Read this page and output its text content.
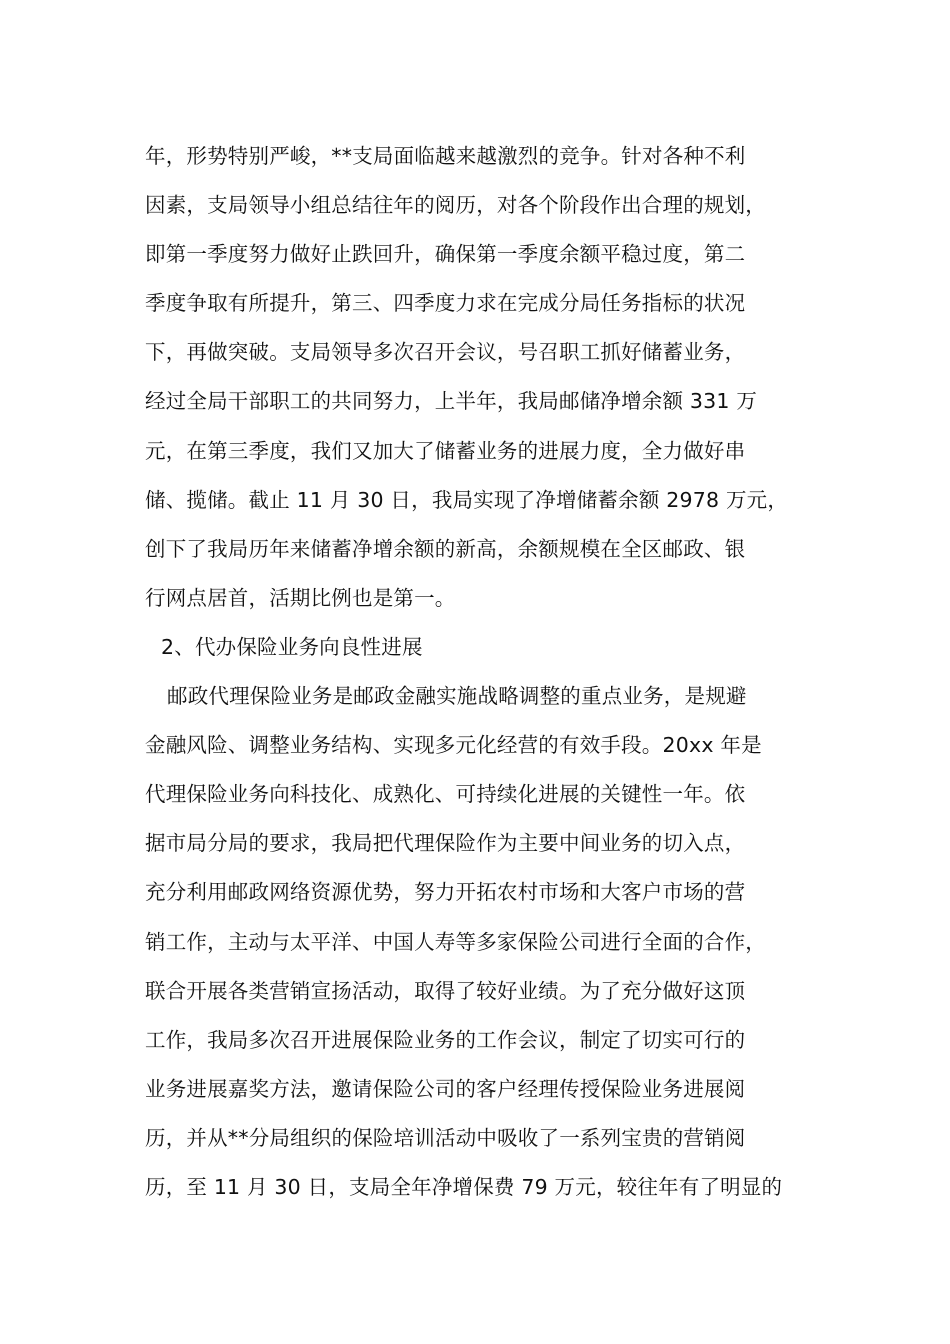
年，形势特别严峻，**支局面临越来越激烈的竞争。针对各种不利
因素，支局领导小组总结往年的阅历，对各个阶段作出合理的规划，
即第一季度努力做好止跌回升，确保第一季度余额平稳过度，第二
季度争取有所提升，第三、四季度力求在完成分局任务指标的状况
下，再做突破。支局领导多次召开会议，号召职工抓好储蓄业务，
经过全局干部职工的共同努力，上半年，我局邮储净增余额 331 万
元，在第三季度，我们又加大了储蓄业务的进展力度，全力做好串
储、揽储。截止 11 月 30 日，我局实现了净增储蓄余额 2978 万元，
创下了我局历年来储蓄净增余额的新高，余额规模在全区邮政、银
行网点居首，活期比例也是第一。
2、代办保险业务向良性进展
邮政代理保险业务是邮政金融实施战略调整的重点业务，是规避
金融风险、调整业务结构、实现多元化经营的有效手段。20xx 年是
代理保险业务向科技化、成熟化、可持续化进展的关键性一年。依
据市局分局的要求，我局把代理保险作为主要中间业务的切入点，
充分利用邮政网络资源优势，努力开拓农村市场和大客户市场的营
销工作，主动与太平洋、中国人寿等多家保险公司进行全面的合作，
联合开展各类营销宣扬活动，取得了较好业绩。为了充分做好这顶
工作，我局多次召开进展保险业务的工作会议，制定了切实可行的
业务进展嘉奖方法，邀请保险公司的客户经理传授保险业务进展阅
历，并从**分局组织的保险培训活动中吸收了一系列宝贵的营销阅
历，至 11 月 30 日，支局全年净增保费 79 万元，较往年有了明显的
